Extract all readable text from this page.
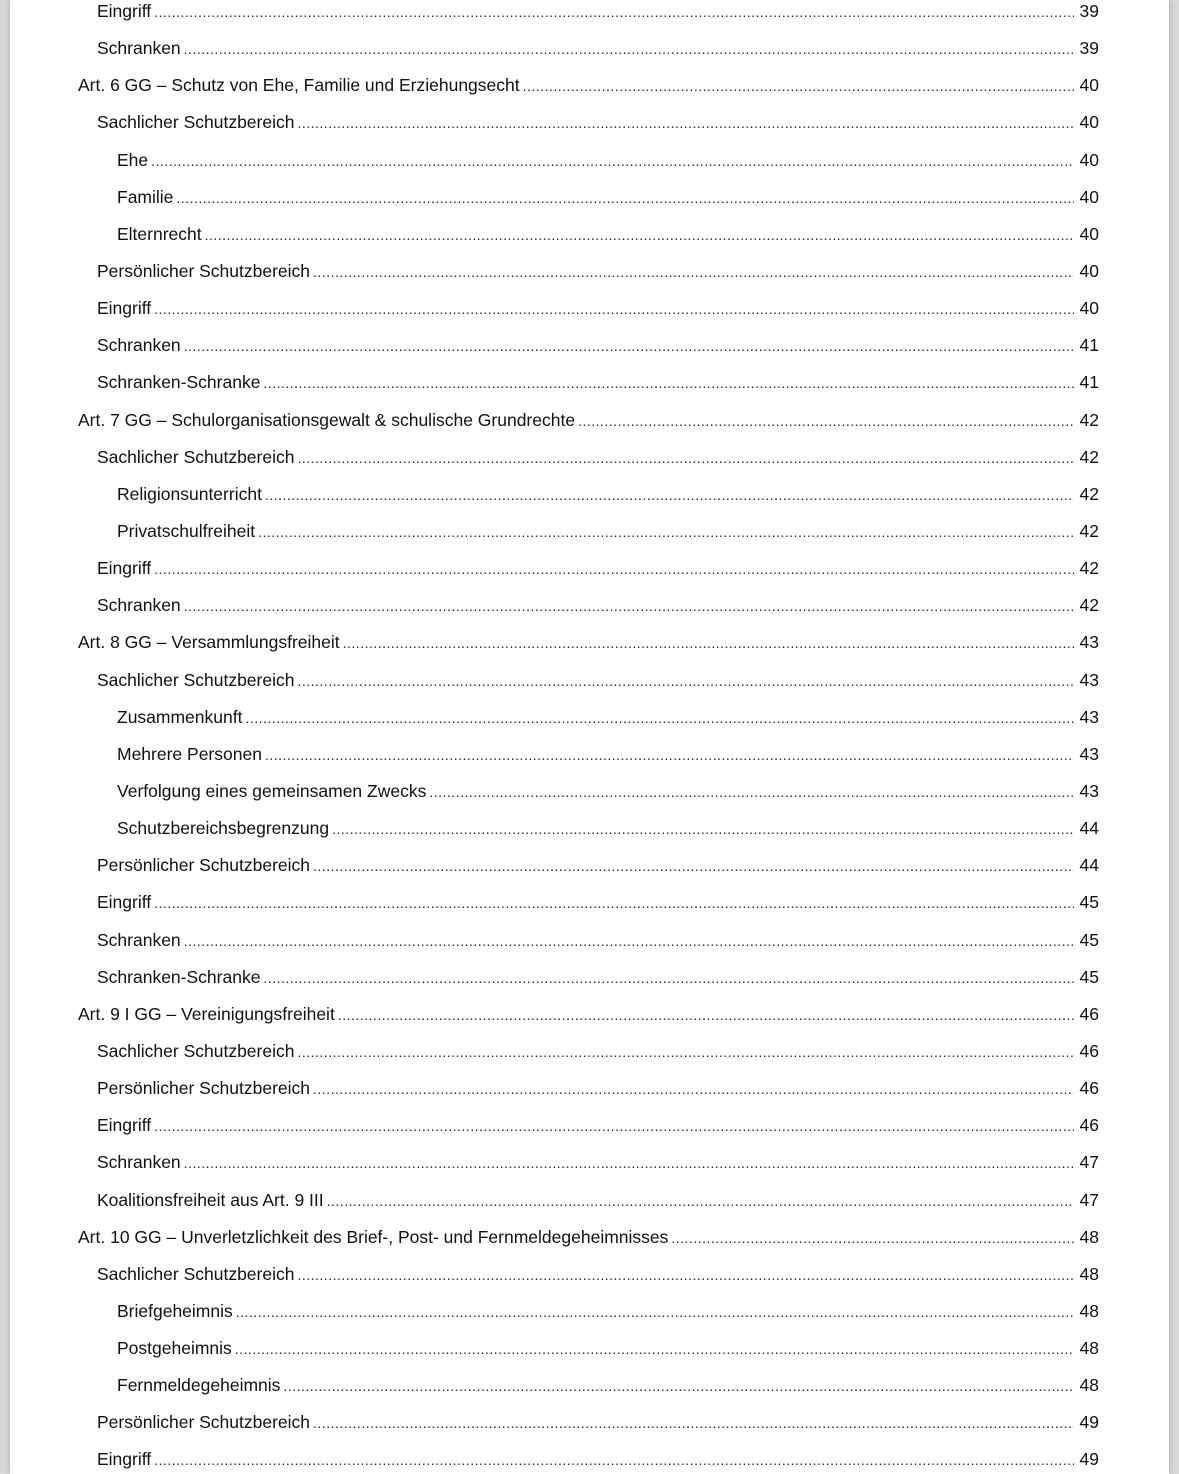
Eingriff .....	39
Schranken .....	39
Art. 6 GG – Schutz von Ehe, Familie und Erziehungsecht .....	40
Sachlicher Schutzbereich .....	40
Ehe .....	40
Familie .....	40
Elternrecht .....	40
Persönlicher Schutzbereich .....	40
Eingriff .....	40
Schranken .....	41
Schranken-Schranke .....	41
Art. 7 GG – Schulorganisationsgewalt & schulische Grundrechte .....	42
Sachlicher Schutzbereich .....	42
Religionsunterricht .....	42
Privatschulfreiheit .....	42
Eingriff .....	42
Schranken .....	42
Art. 8 GG – Versammlungsfreiheit .....	43
Sachlicher Schutzbereich .....	43
Zusammenkunft .....	43
Mehrere Personen .....	43
Verfolgung eines gemeinsamen Zwecks .....	43
Schutzbereichsbegrenzung .....	44
Persönlicher Schutzbereich .....	44
Eingriff .....	45
Schranken .....	45
Schranken-Schranke .....	45
Art. 9 I GG – Vereinigungsfreiheit .....	46
Sachlicher Schutzbereich .....	46
Persönlicher Schutzbereich .....	46
Eingriff .....	46
Schranken .....	47
Koalitionsfreiheit aus Art. 9 III .....	47
Art. 10 GG – Unverletzlichkeit des Brief-, Post- und Fernmeldegeheimnisses .....	48
Sachlicher Schutzbereich .....	48
Briefgeheimnis .....	48
Postgeheimnis .....	48
Fernmeldegeheimnis .....	48
Persönlicher Schutzbereich .....	49
Eingriff .....	49
